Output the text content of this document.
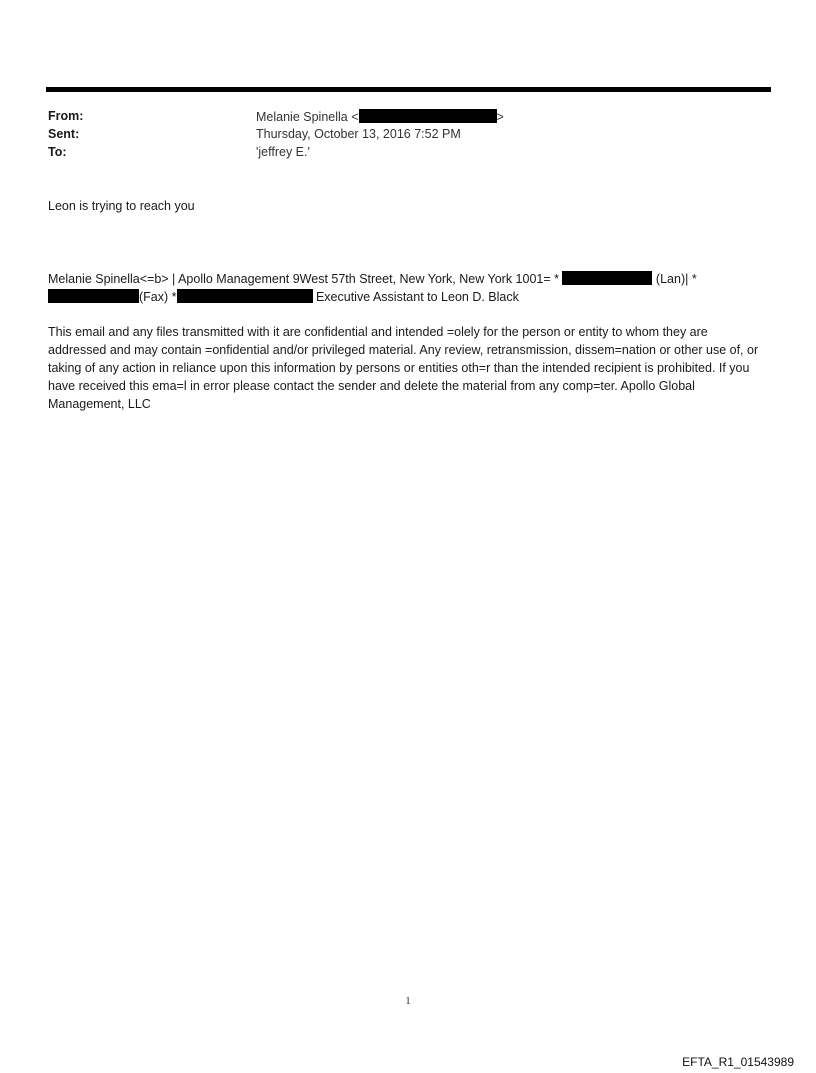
From:	Melanie Spinella <	>
Sent:	Thursday, October 13, 2016 7:52 PM
To:	'jeffrey E.'
Leon is trying to reach you
Melanie Spinella<=b> | Apollo Management 9West 57th Street, New York, New York 1001= *	(Lan)| *
(Fax) *	Executive Assistant to Leon D. Black
This email and any files transmitted with it are confidential and intended =olely for the person or entity to whom they are addressed and may contain =onfidential and/or privileged material. Any review, retransmission, dissem=nation or other use of, or taking of any action in reliance upon this information by persons or entities oth=r than the intended recipient is prohibited. If you have received this ema=l in error please contact the sender and delete the material from any comp=ter. Apollo Global Management, LLC
1
EFTA_R1_01543989
